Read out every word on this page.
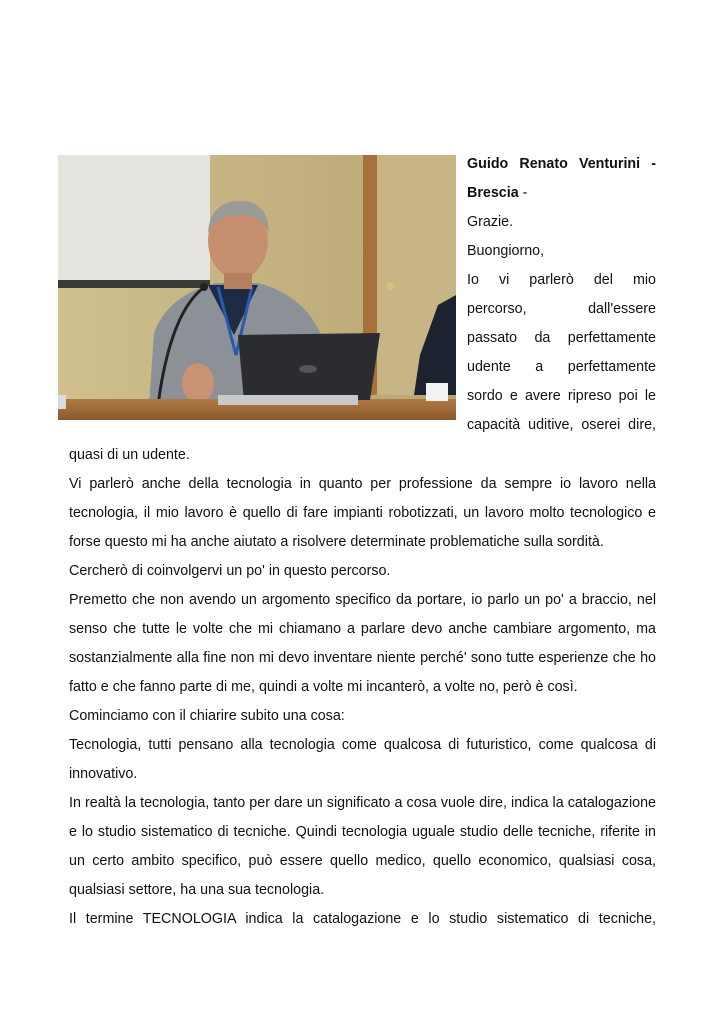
Guido Renato Venturini -
Brescia -
Grazie.
Buongiorno,
Io vi parlerò del mio
percorso, dall'essere
passato da perfettamente
udente a perfettamente
sordo e avere ripreso poi le
capacità uditive, oserei dire,

quasi di un udente.

Vi parlerò anche della tecnologia in quanto per professione da sempre io lavoro nella tecnologia, il mio lavoro è quello di fare impianti robotizzati, un lavoro molto tecnologico e forse questo mi ha anche aiutato a risolvere determinate problematiche sulla sordità.

Cercherò di coinvolgervi un po' in questo percorso.

Premetto che non avendo un argomento specifico da portare, io parlo un po' a braccio, nel senso che tutte le volte che mi chiamano a parlare devo anche cambiare argomento, ma sostanzialmente alla fine non mi devo inventare niente perché' sono tutte esperienze che ho fatto e che fanno parte di me, quindi a volte mi incanterò, a volte no, però è così.

Cominciamo con il chiarire subito una cosa:

Tecnologia, tutti pensano alla tecnologia come qualcosa di futuristico, come qualcosa di innovativo.

In realtà la tecnologia, tanto per dare un significato a cosa vuole dire, indica la catalogazione e lo studio sistematico di tecniche. Quindi tecnologia uguale studio delle tecniche, riferite in un certo ambito specifico, può essere quello medico, quello economico, qualsiasi cosa, qualsiasi settore, ha una sua tecnologia.

Il termine TECNOLOGIA indica la catalogazione e lo studio sistematico di tecniche,
